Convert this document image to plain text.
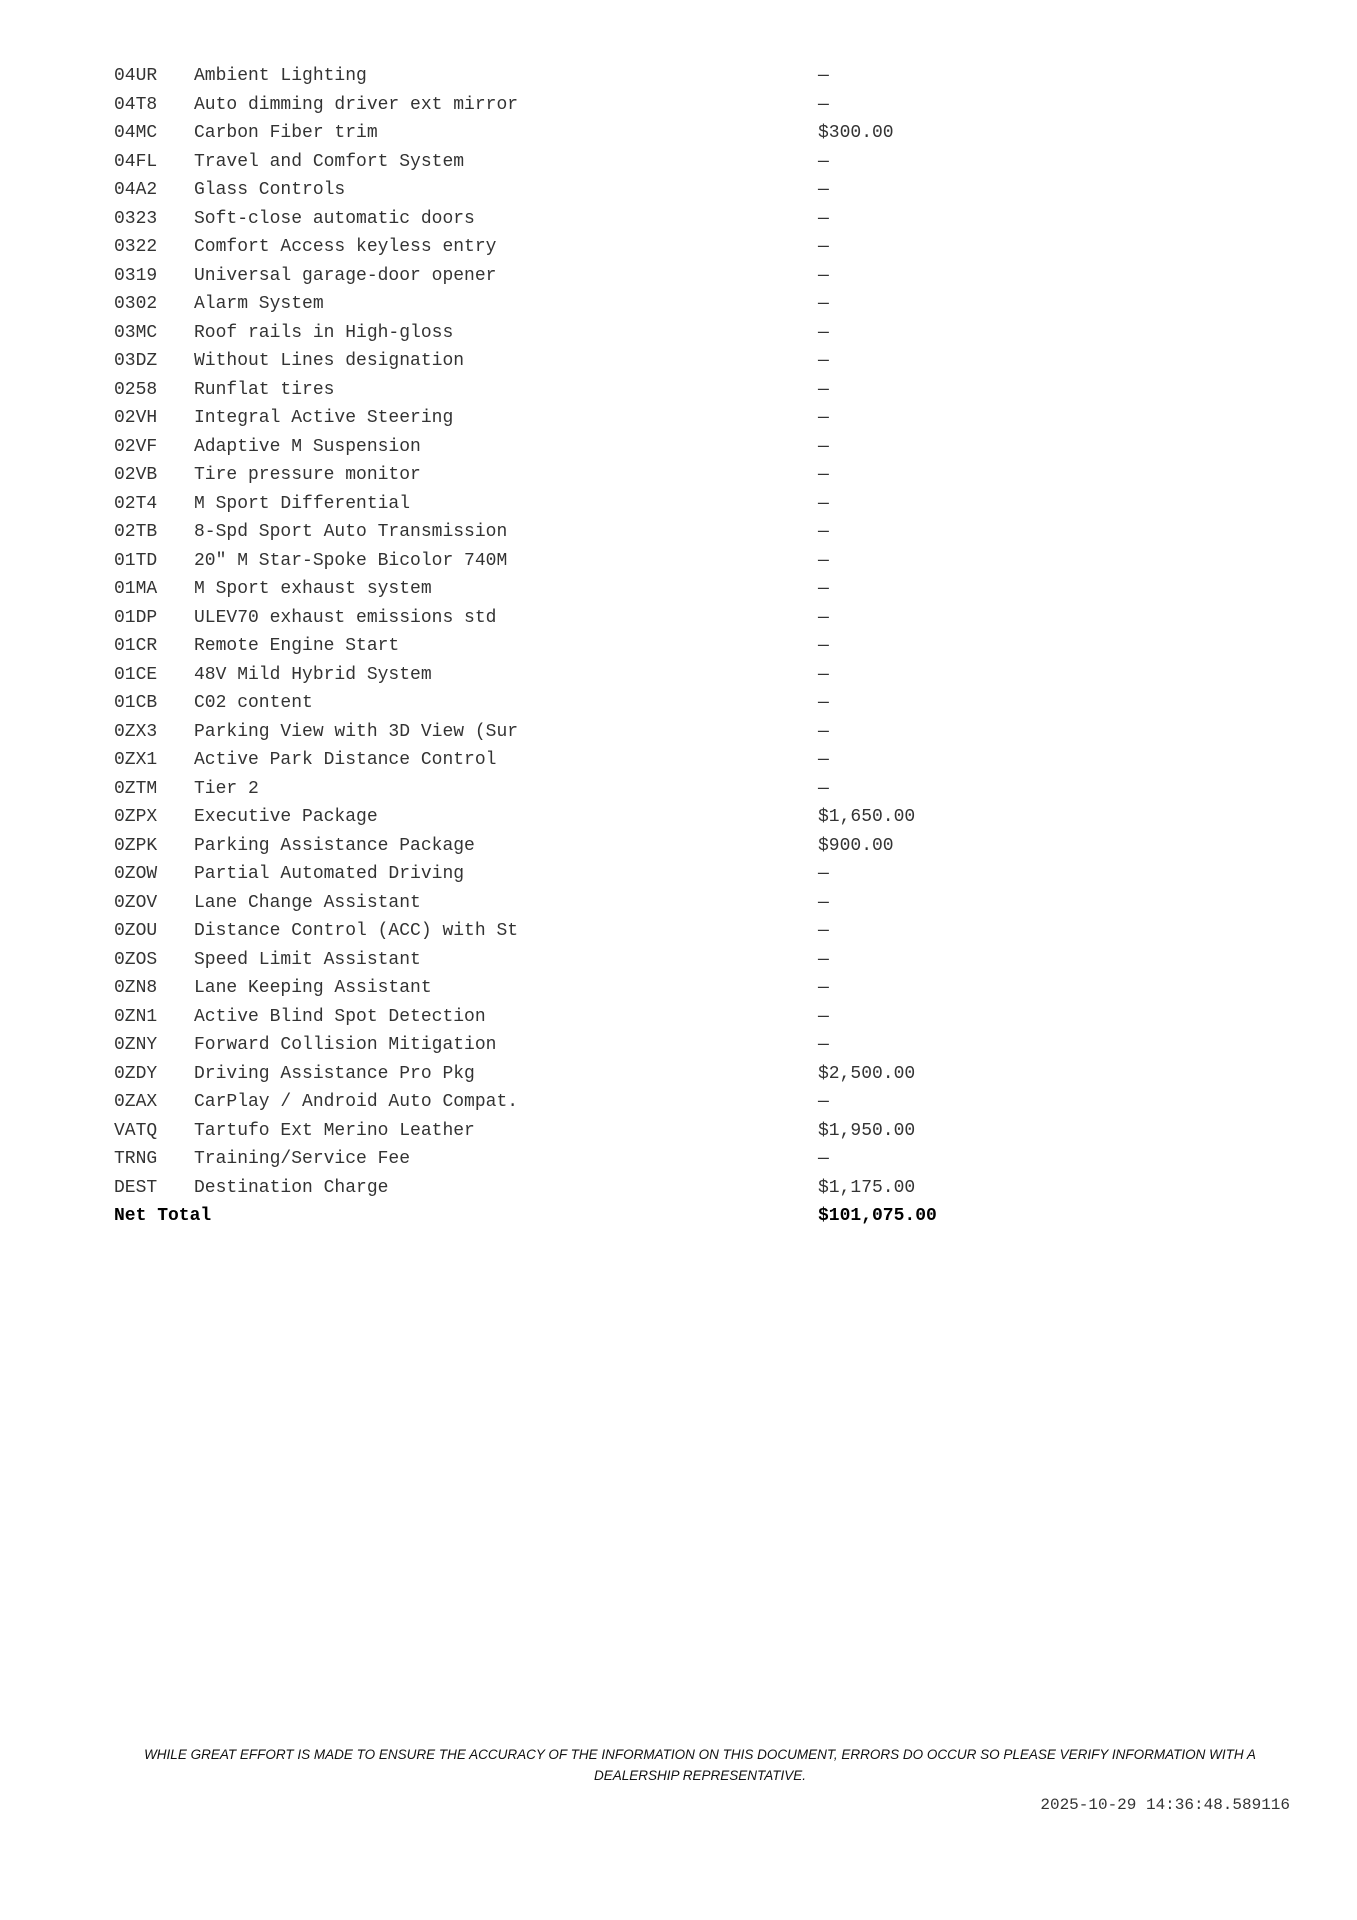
04UR Ambient Lighting	—
04T8 Auto dimming driver ext mirror	—
04MC Carbon Fiber trim	$300.00
04FL Travel and Comfort System	—
04A2 Glass Controls	—
0323 Soft-close automatic doors	—
0322 Comfort Access keyless entry	—
0319 Universal garage-door opener	—
0302 Alarm System	—
03MC Roof rails in High-gloss	—
03DZ Without Lines designation	—
0258 Runflat tires	—
02VH Integral Active Steering	—
02VF Adaptive M Suspension	—
02VB Tire pressure monitor	—
02T4 M Sport Differential	—
02TB 8-Spd Sport Auto Transmission	—
01TD 20" M Star-Spoke Bicolor 740M	—
01MA M Sport exhaust system	—
01DP ULEV70 exhaust emissions std	—
01CR Remote Engine Start	—
01CE 48V Mild Hybrid System	—
01CB C02 content	—
0ZX3 Parking View with 3D View (Sur	—
0ZX1 Active Park Distance Control	—
0ZTM Tier 2	—
0ZPX Executive Package	$1,650.00
0ZPK Parking Assistance Package	$900.00
0ZOW Partial Automated Driving	—
0ZOV Lane Change Assistant	—
0ZOU Distance Control (ACC) with St	—
0ZOS Speed Limit Assistant	—
0ZN8 Lane Keeping Assistant	—
0ZN1 Active Blind Spot Detection	—
0ZNY Forward Collision Mitigation	—
0ZDY Driving Assistance Pro Pkg	$2,500.00
0ZAX CarPlay / Android Auto Compat.	—
VATQ Tartufo Ext Merino Leather	$1,950.00
TRNG Training/Service Fee	—
DEST Destination Charge	$1,175.00
Net Total	$101,075.00
WHILE GREAT EFFORT IS MADE TO ENSURE THE ACCURACY OF THE INFORMATION ON THIS DOCUMENT, ERRORS DO OCCUR SO PLEASE VERIFY INFORMATION WITH A DEALERSHIP REPRESENTATIVE.
2025-10-29 14:36:48.589116
